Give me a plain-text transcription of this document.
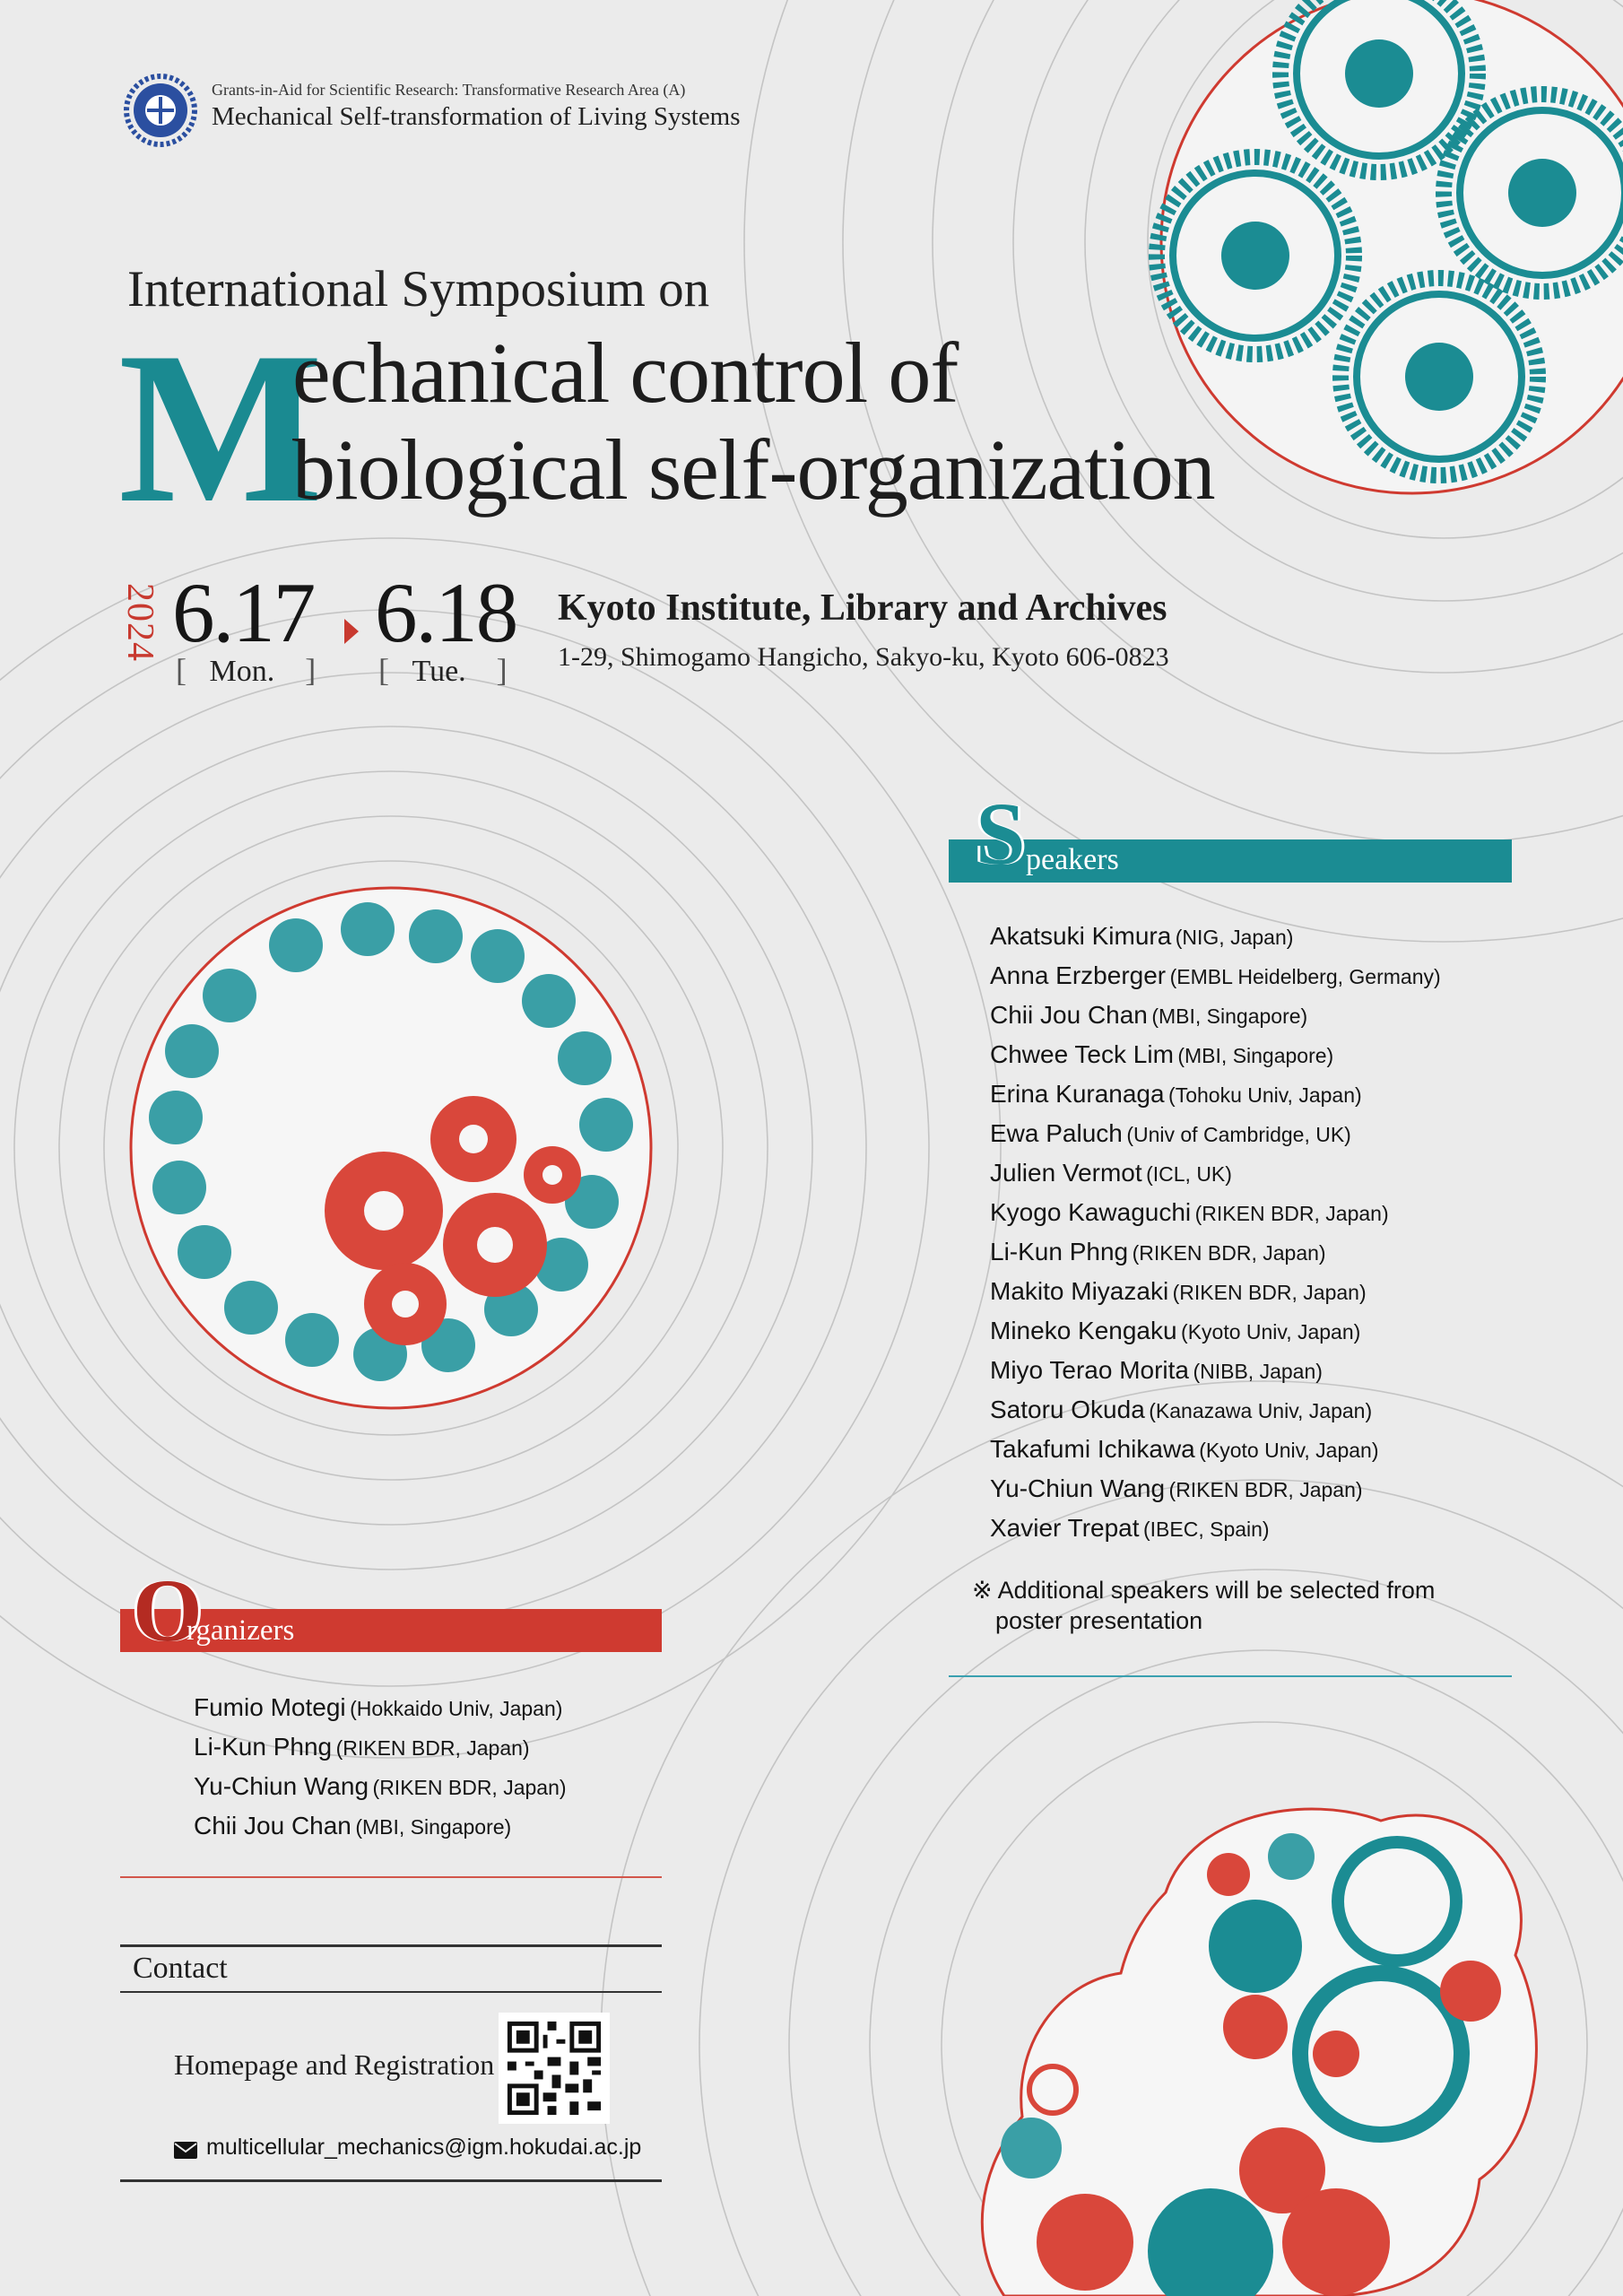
Grants-in-Aid for Scientific Research: Transformative Research Area (A)
Mechanical Self-transformation of Living Systems
International Symposium on
M
echanical control of
biological self-organization
2024 6.17 6.18
[ Mon. ] [ Tue. ]
Kyoto Institute, Library and Archives
1-29, Shimogamo Hangicho, Sakyo-ku, Kyoto 606-0823
S peakers
Akatsuki Kimura (NIG, Japan)
Anna Erzberger (EMBL Heidelberg, Germany)
Chii Jou Chan (MBI, Singapore)
Chwee Teck Lim (MBI, Singapore)
Erina Kuranaga (Tohoku Univ, Japan)
Ewa Paluch (Univ of Cambridge, UK)
Julien Vermot (ICL, UK)
Kyogo Kawaguchi (RIKEN BDR, Japan)
Li-Kun Phng (RIKEN BDR, Japan)
Makito Miyazaki (RIKEN BDR, Japan)
Mineko Kengaku (Kyoto Univ, Japan)
Miyo Terao Morita (NIBB, Japan)
Satoru Okuda (Kanazawa Univ, Japan)
Takafumi Ichikawa (Kyoto Univ, Japan)
Yu-Chiun Wang (RIKEN BDR, Japan)
Xavier Trepat (IBEC, Spain)
※ Additional speakers will be selected from
poster presentation
O
rganizers
Fumio Motegi (Hokkaido Univ, Japan)
Li-Kun Phng (RIKEN BDR, Japan)
Yu-Chiun Wang (RIKEN BDR, Japan)
Chii Jou Chan (MBI, Singapore)
Contact
Homepage and Registration
multicellular_mechanics@igm.hokudai.ac.jp
